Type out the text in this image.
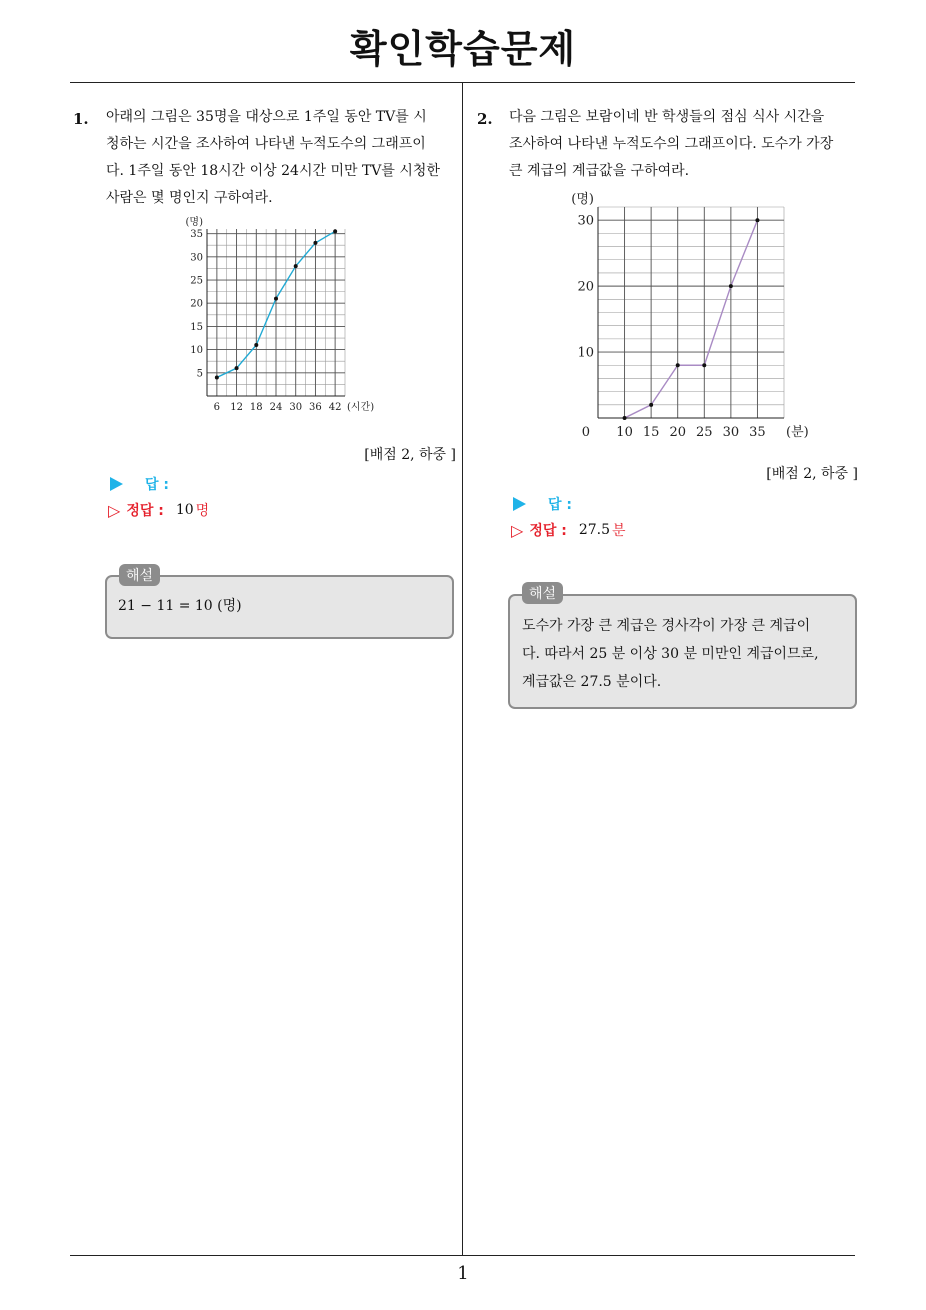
확인학습문제
1
1. 아래의 그림은 35명을 대상으로 1주일 동안 TV를 시
청하는 시간을 조사하여 나타낸 누적도수의 그래프이
다. 1주일 동안 18시간 이상 24시간 미만 TV를 시청한
사람은 몇 명인지 구하여라.
6 12 18 24 30 36 42
5
10
15
20
25
30
35
(시간)
(명)
[배점 2, 하중 ]
답 :
▷ 정답 : 10 명
해설
21 − 11 = 10 (명)
2. 다음 그림은 보람이네 반 학생들의 점심 식사 시간을
조사하여 나타낸 누적도수의 그래프이다. 도수가 가장
큰 계급의 계급값을 구하여라.
10 15 20 25 30 35
10
20
30
(분)
(명)
0
[배점 2, 하중 ]
답 :
▷ 정답 : 27.5 분
해설
도수가 가장 큰 계급은 경사각이 가장 큰 계급이
다. 따라서 25 분 이상 30 분 미만인 계급이므로,
계급값은 27.5 분이다.
